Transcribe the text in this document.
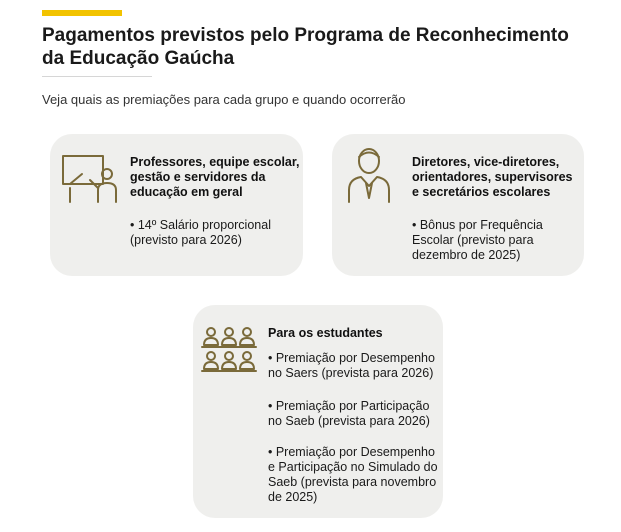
Pagamentos previstos pelo Programa de Reconhecimento da Educação Gaúcha
Veja quais as premiações para cada grupo e quando ocorrerão
Professores, equipe escolar, gestão e servidores da educação em geral
• 14º Salário proporcional (previsto para 2026)
Diretores, vice-diretores, orientadores, supervisores e secretários escolares
• Bônus por Frequência Escolar (previsto para dezembro de 2025)
Para os estudantes
• Premiação por Desempenho no Saers (prevista para 2026)
• Premiação por Participação no Saeb (prevista para 2026)
• Premiação por Desempenho e Participação no Simulado do Saeb (prevista para novembro de 2025)
